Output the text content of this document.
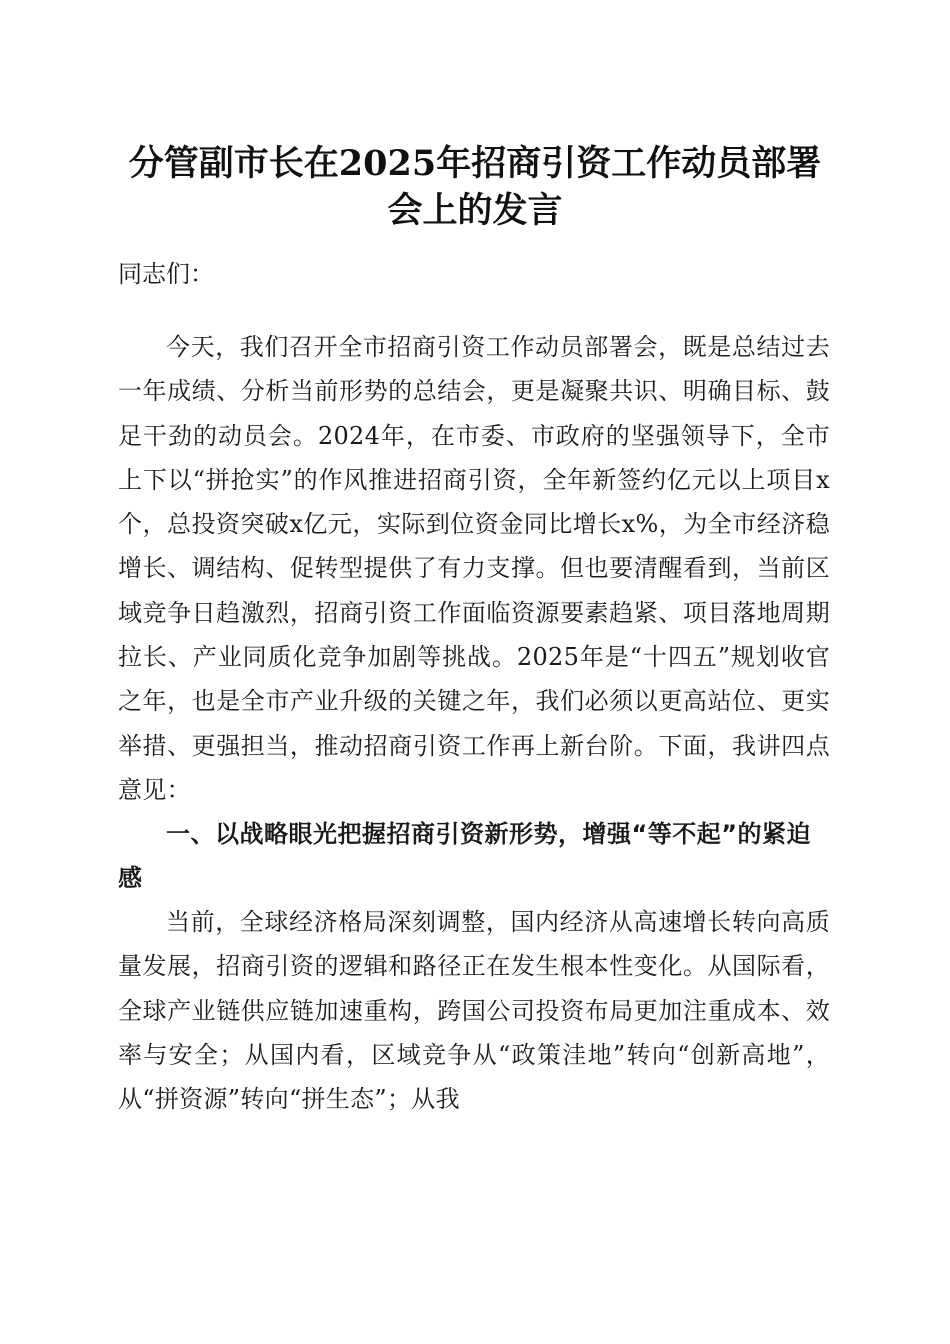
分管副市长在2025年招商引资工作动员部署
会上的发言
同志们：
今天，我们召开全市招商引资工作动员部署会，既是总结过去一年成绩、分析当前形势的总结会，更是凝聚共识、明确目标、鼓足干劲的动员会。2024年，在市委、市政府的坚强领导下，全市上下以“拼抢实”的作风推进招商引资，全年新签约亿元以上项目x个，总投资突破x亿元，实际到位资金同比增长x%，为全市经济稳增长、调结构、促转型提供了有力支撑。但也要清醒看到，当前区域竞争日趋激烈，招商引资工作面临资源要素趋紧、项目落地周期拉长、产业同质化竞争加剧等挑战。2025年是“十四五”规划收官之年，也是全市产业升级的关键之年，我们必须以更高站位、更实举措、更强担当，推动招商引资工作再上新台阶。下面，我讲四点意见：
一、以战略眼光把握招商引资新形势，增强“等不起”的紧迫感
当前，全球经济格局深刻调整，国内经济从高速增长转向高质量发展，招商引资的逻辑和路径正在发生根本性变化。从国际看，全球产业链供应链加速重构，跨国公司投资布局更加注重成本、效率与安全；从国内看，区域竞争从“政策洼地”转向“创新高地”，从“拼资源”转向“拼生态”；从我
